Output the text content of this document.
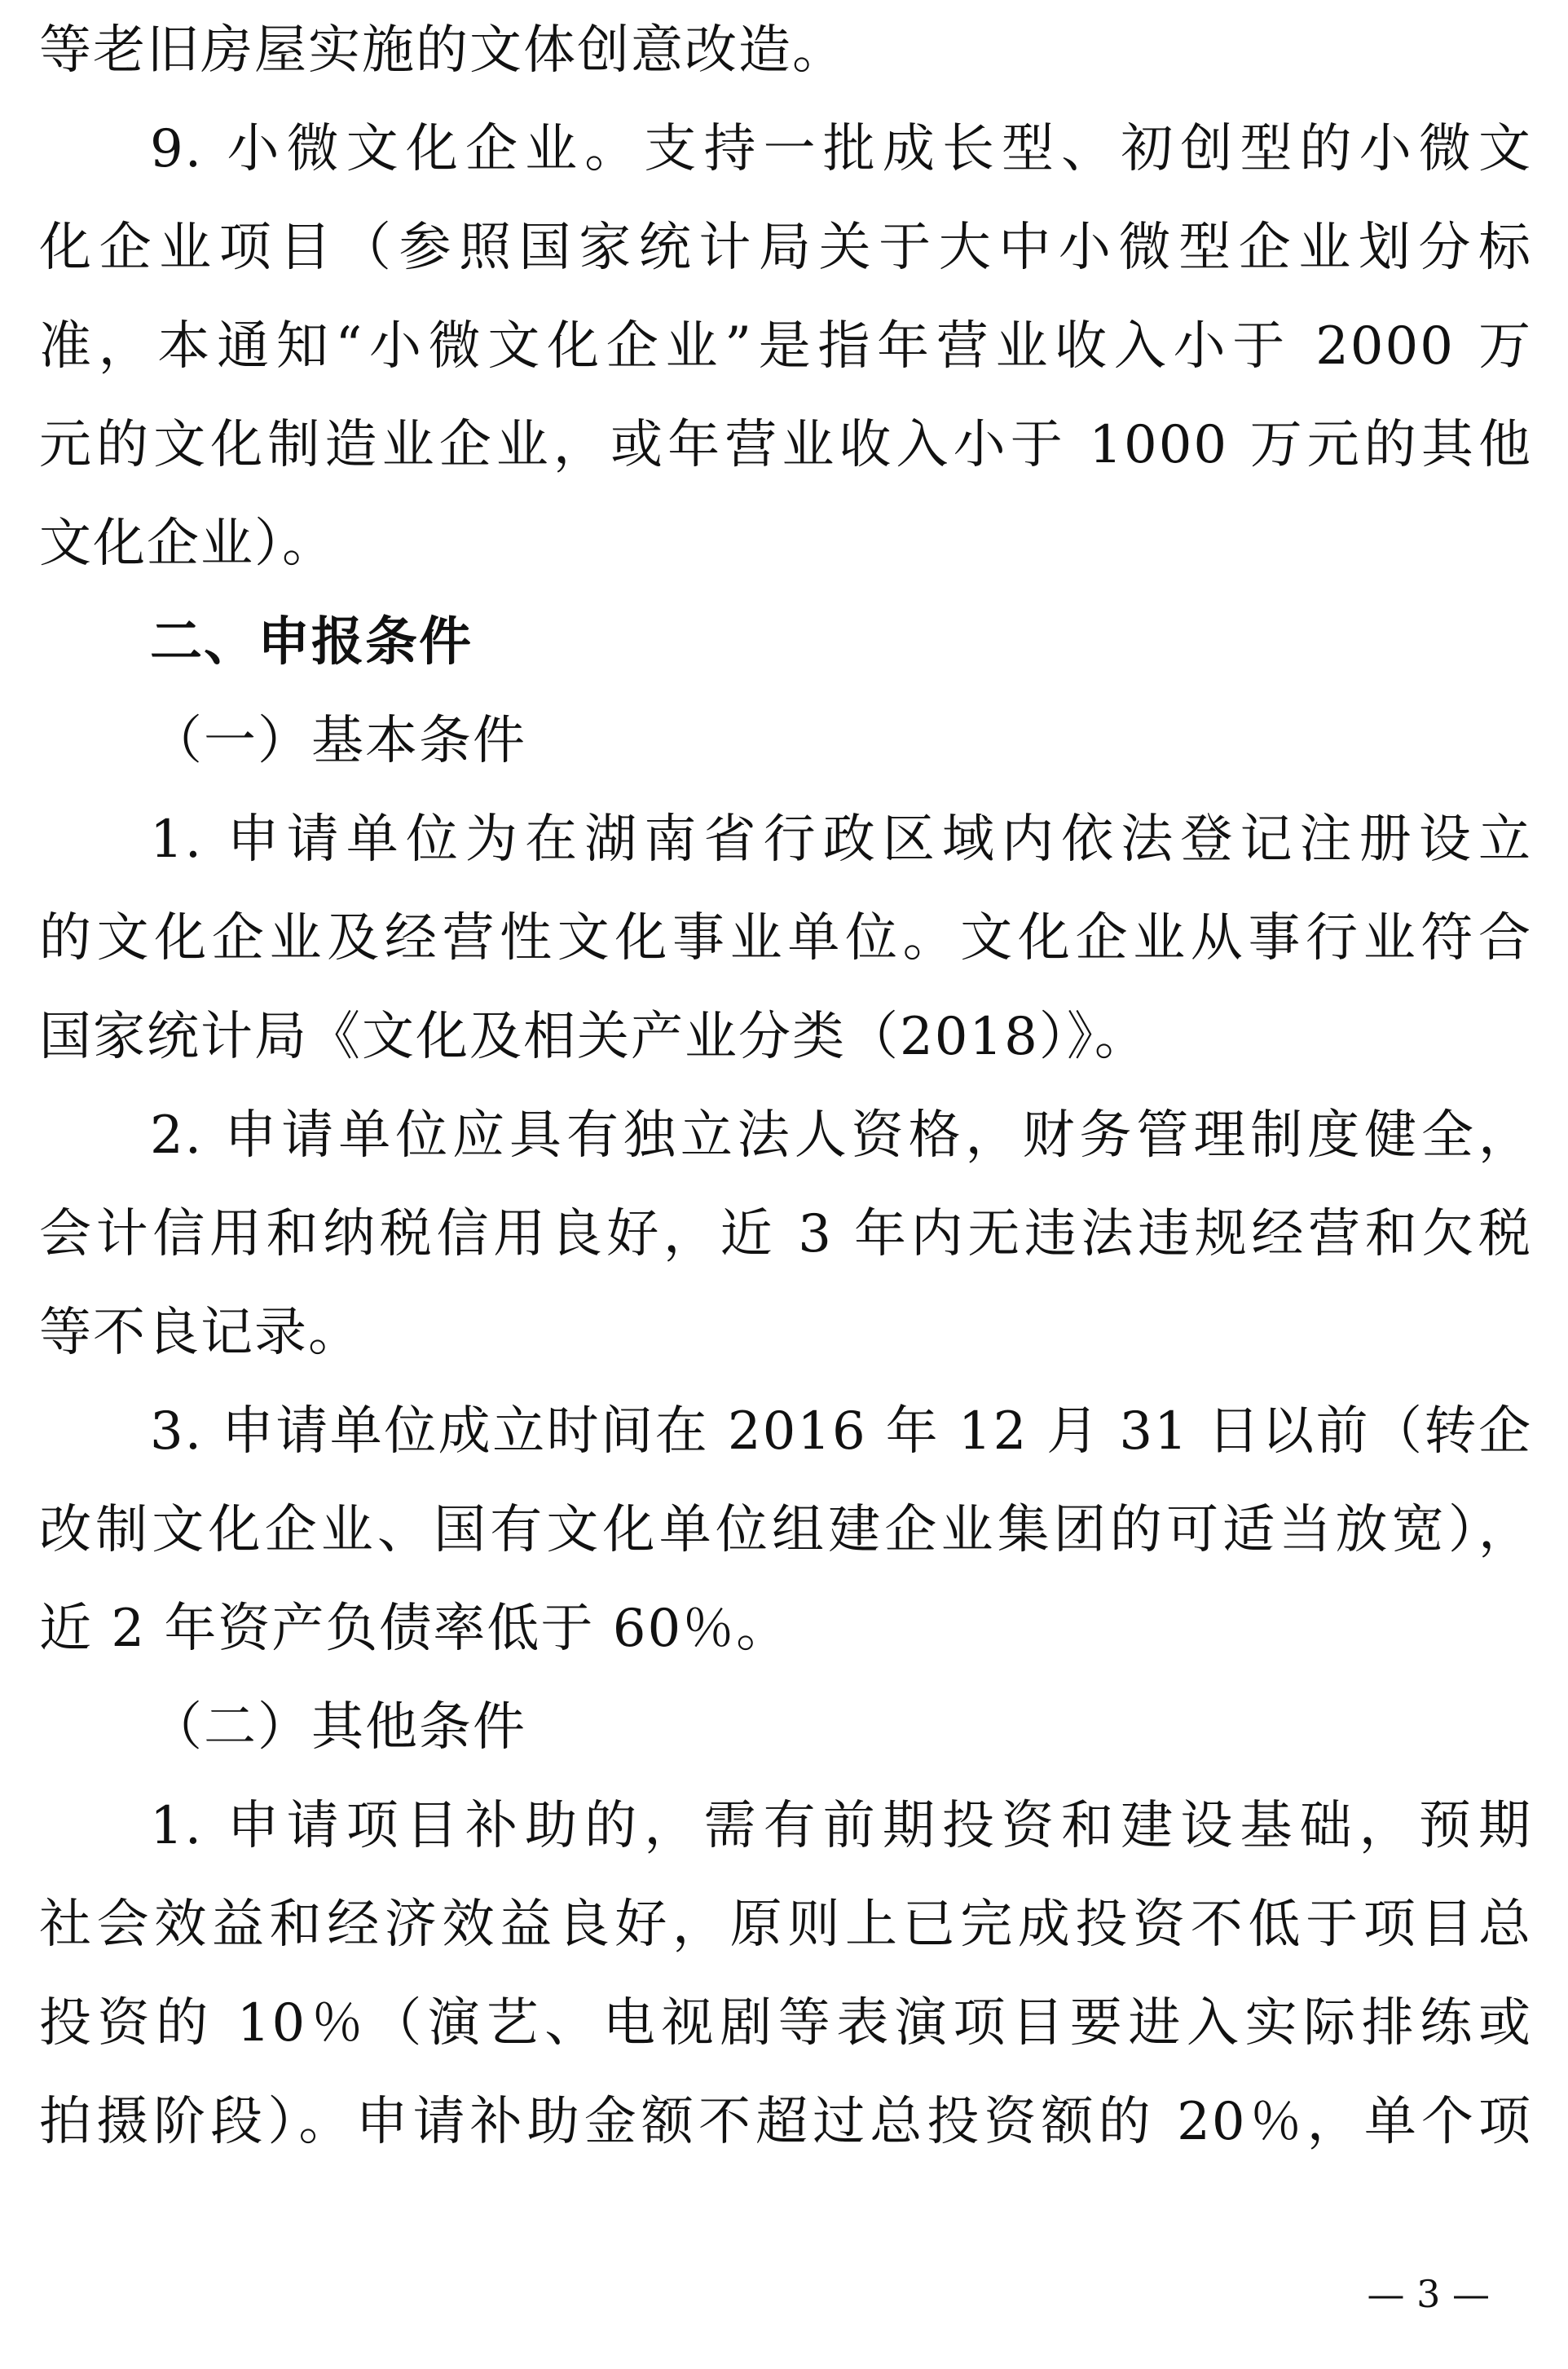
等老旧房屋实施的文体创意改造。
9. 小微文化企业。支持一批成长型、初创型的小微文
化企业项目（参照国家统计局关于大中小微型企业划分标
准，本通知“小微文化企业”是指年营业收入小于 2000 万
元的文化制造业企业，或年营业收入小于 1000 万元的其他
文化企业）。
二、申报条件
（一）基本条件
1. 申请单位为在湖南省行政区域内依法登记注册设立
的文化企业及经营性文化事业单位。文化企业从事行业符合
国家统计局《文化及相关产业分类（2018）》。
2. 申请单位应具有独立法人资格，财务管理制度健全，
会计信用和纳税信用良好，近 3 年内无违法违规经营和欠税
等不良记录。
3. 申请单位成立时间在 2016 年 12 月 31 日以前（转企
改制文化企业、国有文化单位组建企业集团的可适当放宽），
近 2 年资产负债率低于 60％。
（二）其他条件
1. 申请项目补助的，需有前期投资和建设基础，预期
社会效益和经济效益良好，原则上已完成投资不低于项目总
投资的 10％（演艺、电视剧等表演项目要进入实际排练或
拍摄阶段）。申请补助金额不超过总投资额的 20％，单个项
— 3 —
